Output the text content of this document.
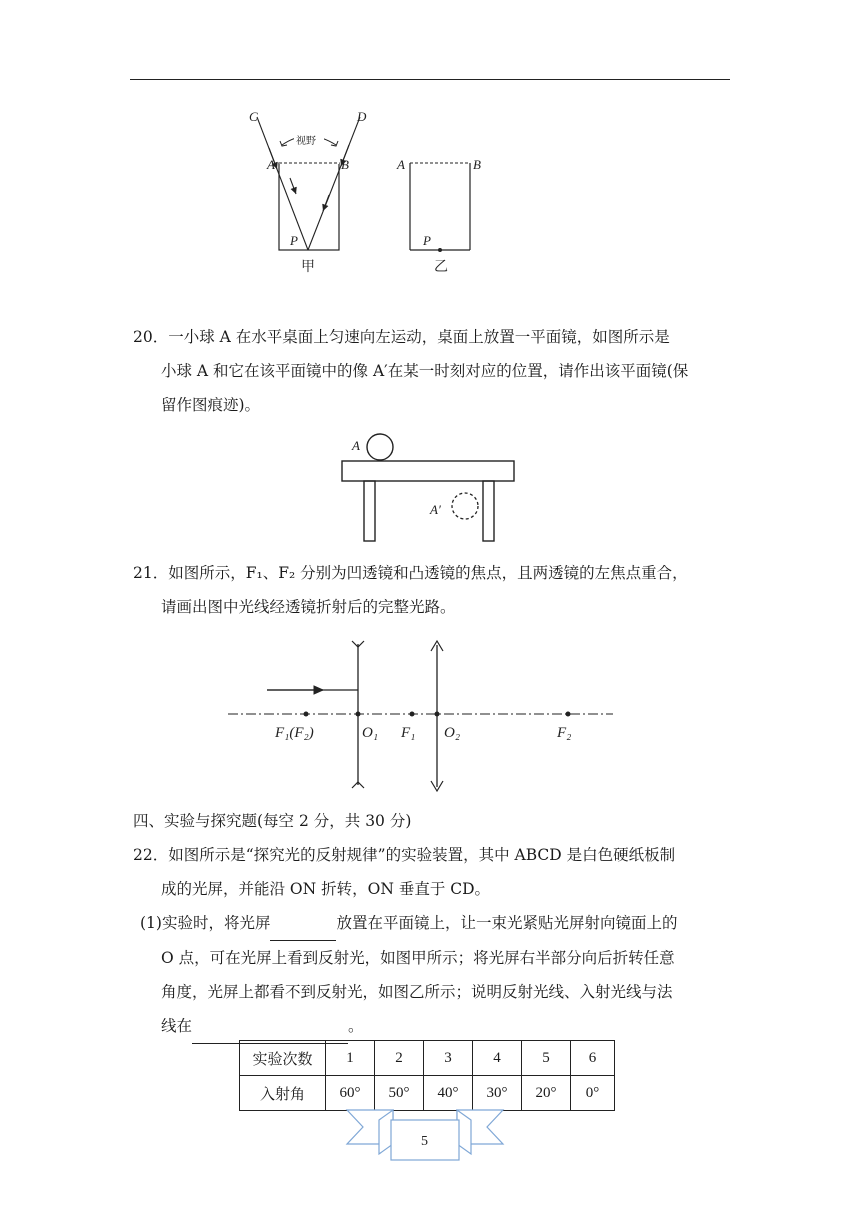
视野
C	D
A	B
P
甲
A	B
P
乙
20．一小球 A 在水平桌面上匀速向左运动，桌面上放置一平面镜，如图所示是
小球 A 和它在该平面镜中的像 A′在某一时刻对应的位置，请作出该平面镜(保
留作图痕迹)。
A
A′
21．如图所示，F₁、F₂ 分别为凹透镜和凸透镜的焦点，且两透镜的左焦点重合，
请画出图中光线经透镜折射后的完整光路。
F₁(F₂)	O₁ F₁ O₂	F₂
四、实验与探究题(每空 2 分，共 30 分)
22．如图所示是“探究光的反射规律”的实验装置，其中 ABCD 是白色硬纸板制
成的光屏，并能沿 ON 折转，ON 垂直于 CD。
(1)实验时，将光屏	放置在平面镜上，让一束光紧贴光屏射向镜面上的
O 点，可在光屏上看到反射光，如图甲所示；将光屏右半部分向后折转任意
角度，光屏上都看不到反射光，如图乙所示；说明反射光线、入射光线与法
线在	。
实验次数	1	2	3	4	5	6
入射角	60°	50°	40°	30°	20°	0°
5
